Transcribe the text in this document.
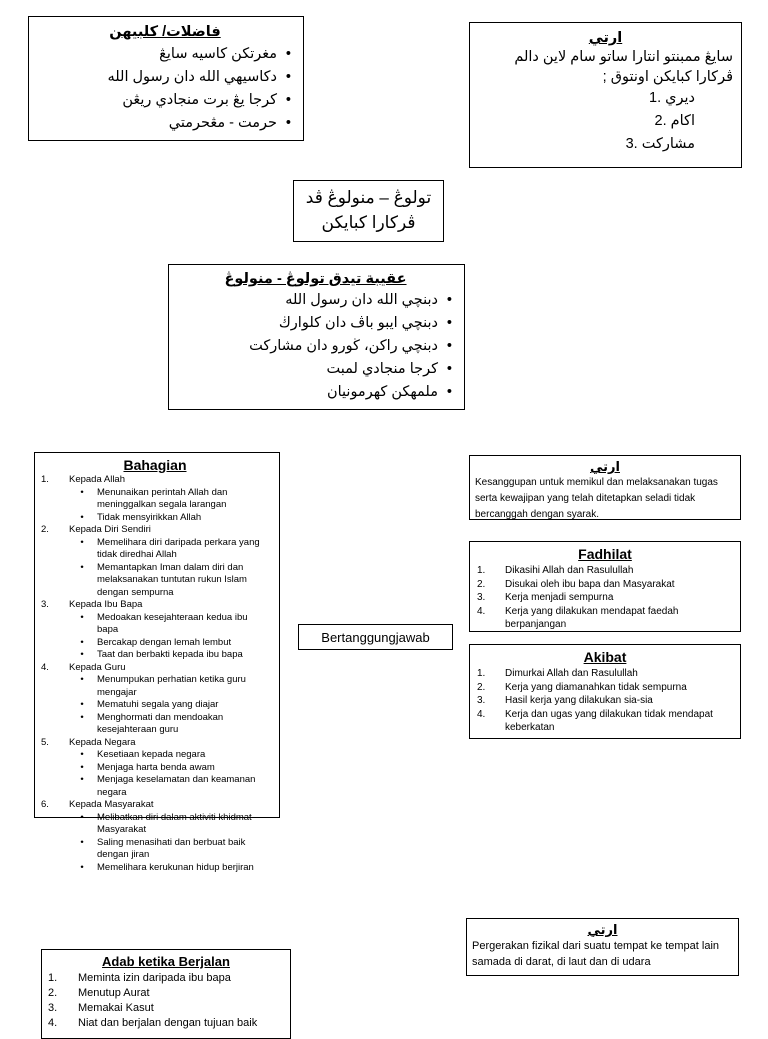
فاضلات/ كلبيهن
• مغرتكن كاسيه سايڠ
• دكاسيهي الله دان رسول الله
• كرجا يڠ برت منجادي ريڠن
• حرمت - مڠحرمتي
ارتي
سايڠ ممبنتو انتارا ساتو سام لاين دالم
ڤركارا كبايكن اونتوق ;
ديري .1
اكام .2
مشاركت .3
تولوڠ – منولوڠ ڤد
ڤركارا كبايكن
عقيبة تيدق تولوڠ - منولوڠ
• دبنچي الله دان رسول الله
• دبنچي ايبو باڤ دان كلوارڬ
• دبنچي راكن، ڬورو دان مشاركت
• كرجا منجادي لمبت
• ملمهكن كهرمونيان
Bahagian
1.	Kepada Allah
•	Menunaikan perintah Allah dan meninggalkan segala larangan
•	Tidak mensyirikkan Allah
2.	Kepada Diri Sendiri
•	Memelihara diri daripada perkara yang tidak diredhai Allah
•	Memantapkan Iman dalam diri dan melaksanakan tuntutan rukun Islam dengan sempurna
3.	Kepada Ibu Bapa
•	Medoakan kesejahteraan kedua ibu bapa
•	Bercakap dengan lemah lembut
•	Taat dan berbakti kepada ibu bapa
4.	Kepada Guru
•	Menumpukan perhatian ketika guru mengajar
•	Mematuhi segala yang diajar
•	Menghormati dan mendoakan kesejahteraan guru
5.	Kepada Negara
•	Kesetiaan kepada negara
•	Menjaga harta benda awam
•	Menjaga keselamatan dan keamanan negara
6.	Kepada Masyarakat
•	Melibatkan diri dalam aktiviti khidmat Masyarakat
•	Saling menasihati dan berbuat baik dengan jiran
•	Memelihara kerukunan hidup berjiran
ارتي
Kesanggupan untuk memikul dan melaksanakan tugas serta kewajipan yang telah ditetapkan seladi tidak bercanggah dengan syarak.
Fadhilat
1.	Dikasihi Allah dan Rasulullah
2.	Disukai oleh ibu bapa dan Masyarakat
3.	Kerja menjadi sempurna
4.	Kerja yang dilakukan mendapat faedah berpanjangan
Bertanggungjawab
Akibat
1.	Dimurkai Allah dan Rasulullah
2.	Kerja yang diamanahkan tidak sempurna
3.	Hasil kerja yang dilakukan sia-sia
4.	Kerja dan ugas yang dilakukan tidak mendapat keberkatan
ارتي
Pergerakan fizikal dari suatu tempat ke tempat lain samada di darat, di laut dan di udara
Adab ketika Berjalan
1.	Meminta izin daripada ibu bapa
2.	Menutup Aurat
3.	Memakai Kasut
4.	Niat dan berjalan dengan tujuan baik
